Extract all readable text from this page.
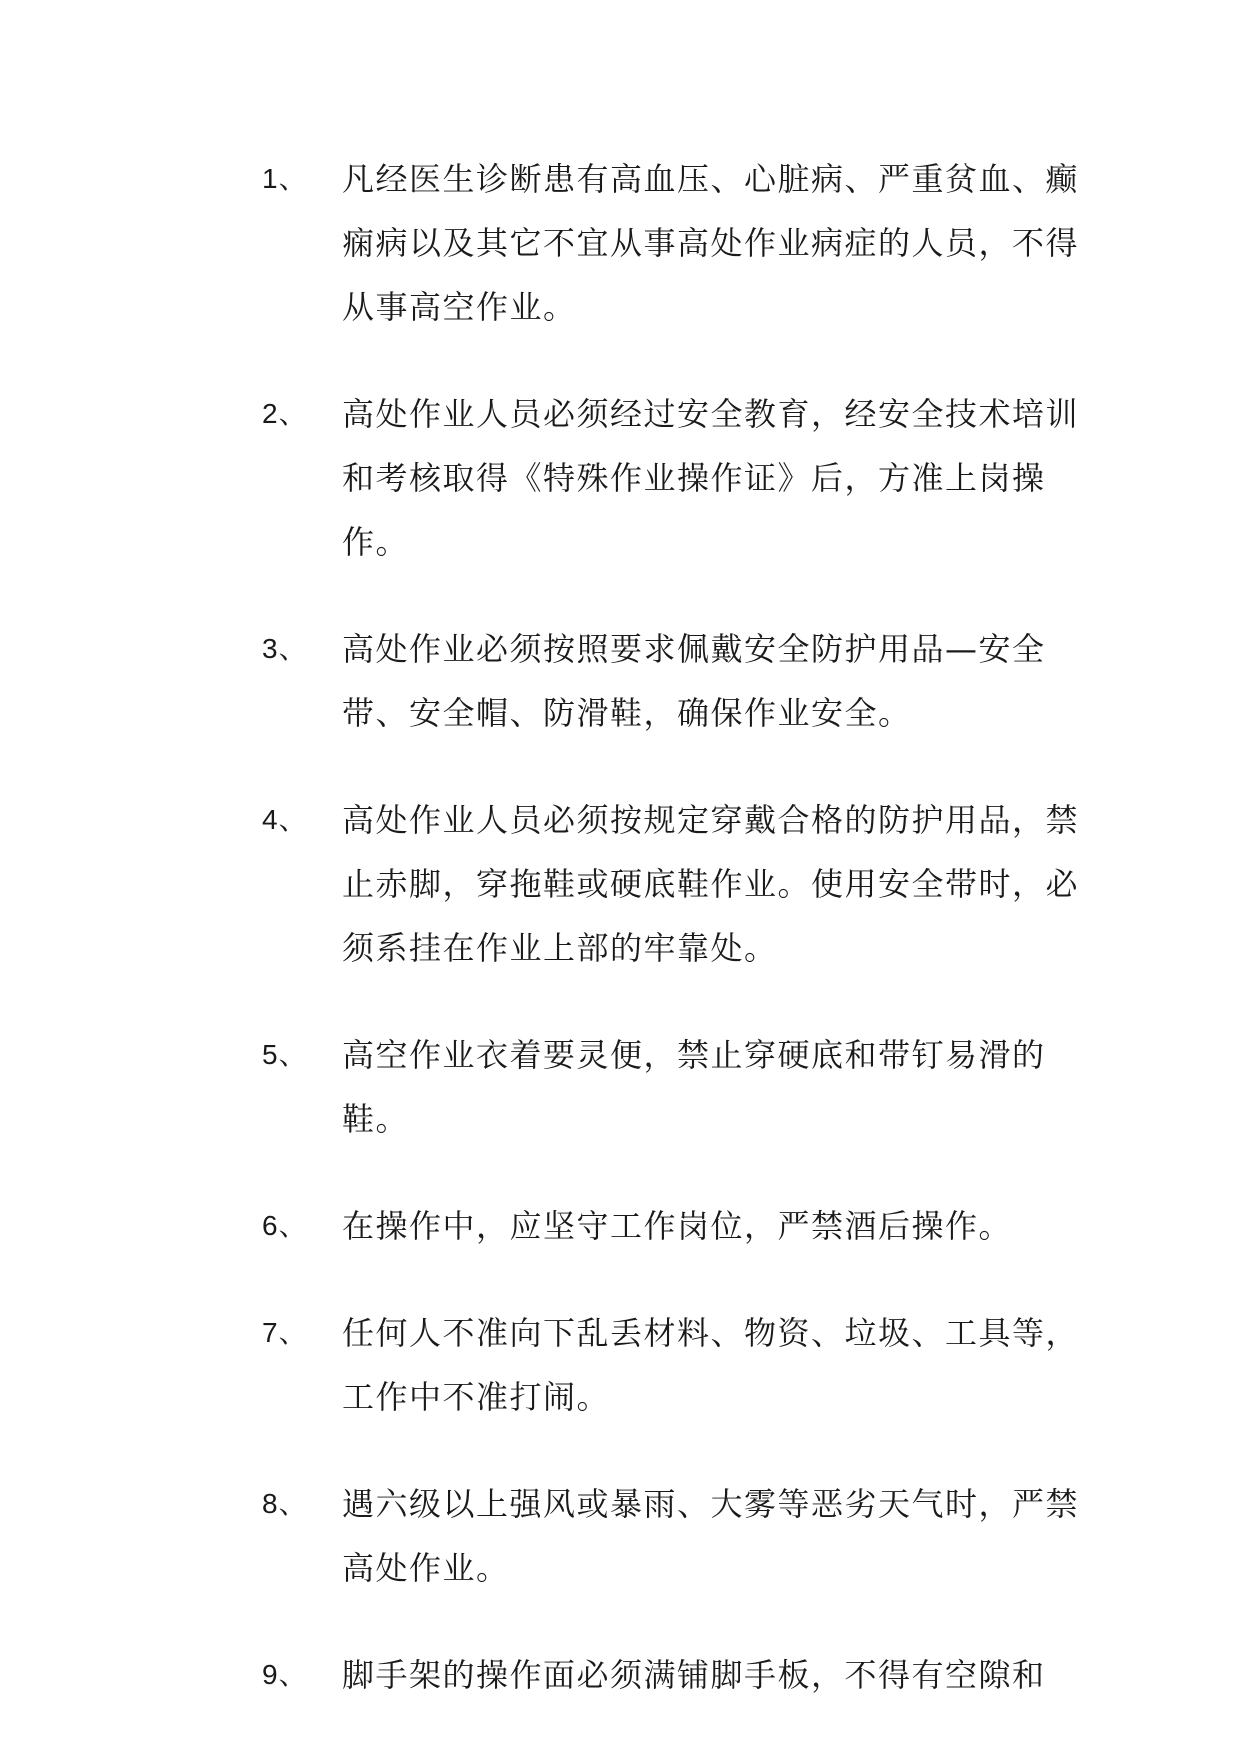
1、	凡经医生诊断患有高血压、心脏病、严重贫血、癫痫病以及其它不宜从事高处作业病症的人员，不得从事高空作业。
2、	高处作业人员必须经过安全教育，经安全技术培训和考核取得《特殊作业操作证》后，方准上岗操作。
3、	高处作业必须按照要求佩戴安全防护用品—安全带、安全帽、防滑鞋，确保作业安全。
4、	高处作业人员必须按规定穿戴合格的防护用品，禁止赤脚，穿拖鞋或硬底鞋作业。使用安全带时，必须系挂在作业上部的牢靠处。
5、	高空作业衣着要灵便，禁止穿硬底和带钉易滑的鞋。
6、	在操作中，应坚守工作岗位，严禁酒后操作。
7、	任何人不准向下乱丢材料、物资、垃圾、工具等，工作中不准打闹。
8、	遇六级以上强风或暴雨、大雾等恶劣天气时，严禁高处作业。
9、	脚手架的操作面必须满铺脚手板，不得有空隙和
